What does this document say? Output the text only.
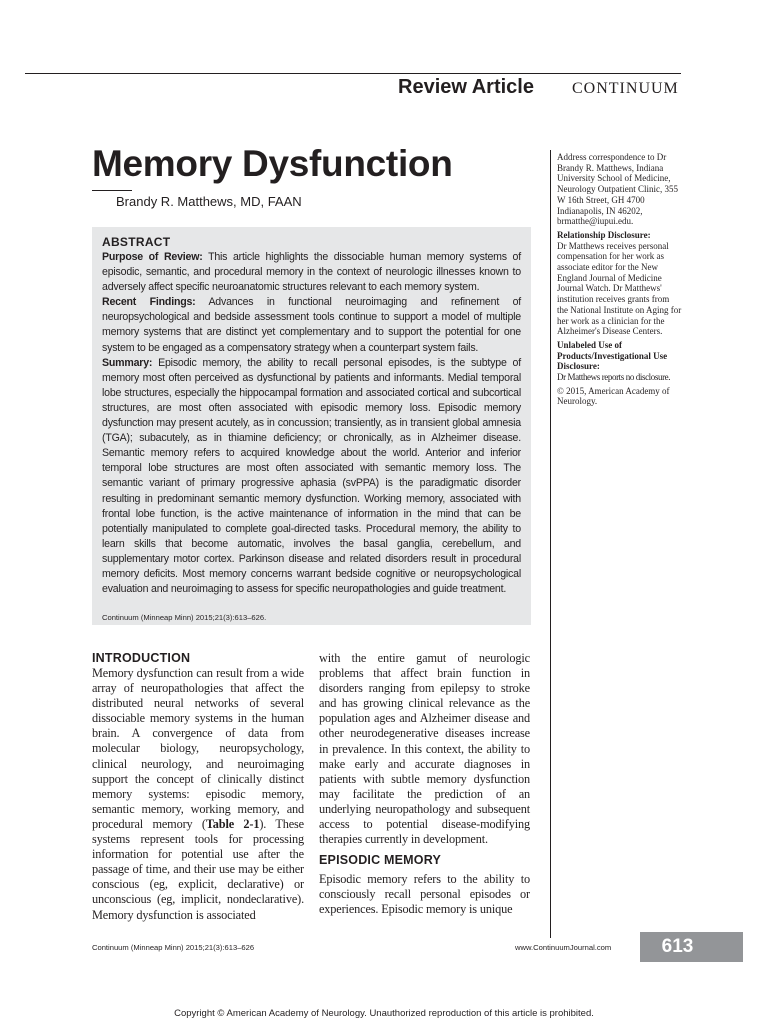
Review Article CONTINUUM
Memory Dysfunction
Brandy R. Matthews, MD, FAAN

Address correspondence to Dr Brandy R. Matthews, Indiana University School of Medicine, Neurology Outpatient Clinic, 355 W 16th Street, GH 4700 Indianapolis, IN 46202, brmatthe@iupui.edu.

Relationship Disclosure:

Dr Matthews receives personal compensation for her work as associate editor for the New England Journal of Medicine Journal Watch. Dr Matthews' institution receives grants from the National Institute on Aging for her work as a clinician for the Alzheimer's Disease Centers.

Unlabeled Use of Products/Investigational Use Disclosure:

Dr Matthews reports no disclosure.

© 2015, American Academy of Neurology.

ABSTRACT

Purpose of Review: This article highlights the dissociable human memory systems of episodic, semantic, and procedural memory in the context of neurologic illnesses known to adversely affect specific neuroanatomic structures relevant to each memory system.

Recent Findings: Advances in functional neuroimaging and refinement of neuropsychological and bedside assessment tools continue to support a model of multiple memory systems that are distinct yet complementary and to support the potential for one system to be engaged as a compensatory strategy when a counterpart system fails.

Summary: Episodic memory, the ability to recall personal episodes, is the subtype of memory most often perceived as dysfunctional by patients and informants. Medial temporal lobe structures, especially the hippocampal formation and associated cortical and subcortical structures, are most often associated with episodic memory loss. Episodic memory dysfunction may present acutely, as in concussion; transiently, as in transient global amnesia (TGA); subacutely, as in thiamine deficiency; or chronically, as in Alzheimer disease. Semantic memory refers to acquired knowledge about the world. Anterior and inferior temporal lobe structures are most often associated with semantic memory loss. The semantic variant of primary progressive aphasia (svPPA) is the paradigmatic disorder resulting in predominant semantic memory dysfunction. Working memory, associated with frontal lobe function, is the active maintenance of information in the mind that can be potentially manipulated to complete goal-directed tasks. Procedural memory, the ability to learn skills that become automatic, involves the basal ganglia, cerebellum, and supplementary motor cortex. Parkinson disease and related disorders result in procedural memory deficits. Most memory concerns warrant bedside cognitive or neuropsychological evaluation and neuroimaging to assess for specific neuropathologies and guide treatment.

Continuum (Minneap Minn) 2015;21(3):613–626.
INTRODUCTION

Memory dysfunction can result from a wide array of neuropathologies that affect the distributed neural networks of several dissociable memory systems in the human brain. A convergence of data from molecular biology, neuropsychology, clinical neurology, and neuroimaging support the concept of clinically distinct memory systems: episodic memory, semantic memory, working memory, and procedural memory (Table 2-1). These systems represent tools for processing information for potential use after the passage of time, and their use may be either conscious (eg, explicit, declarative) or unconscious (eg, implicit, nondeclarative). Memory dysfunction is associated

with the entire gamut of neurologic problems that affect brain function in disorders ranging from epilepsy to stroke and has growing clinical relevance as the population ages and Alzheimer disease and other neurodegenerative diseases increase in prevalence. In this context, the ability to make early and accurate diagnoses in patients with subtle memory dysfunction may facilitate the prediction of an underlying neuropathology and subsequent access to potential disease-modifying therapies currently in development.

EPISODIC MEMORY

Episodic memory refers to the ability to consciously recall personal episodes or experiences. Episodic memory is unique

Continuum (Minneap Minn) 2015;21(3):613–626	www.ContinuumJournal.com	613
Copyright © American Academy of Neurology. Unauthorized reproduction of this article is prohibited.
